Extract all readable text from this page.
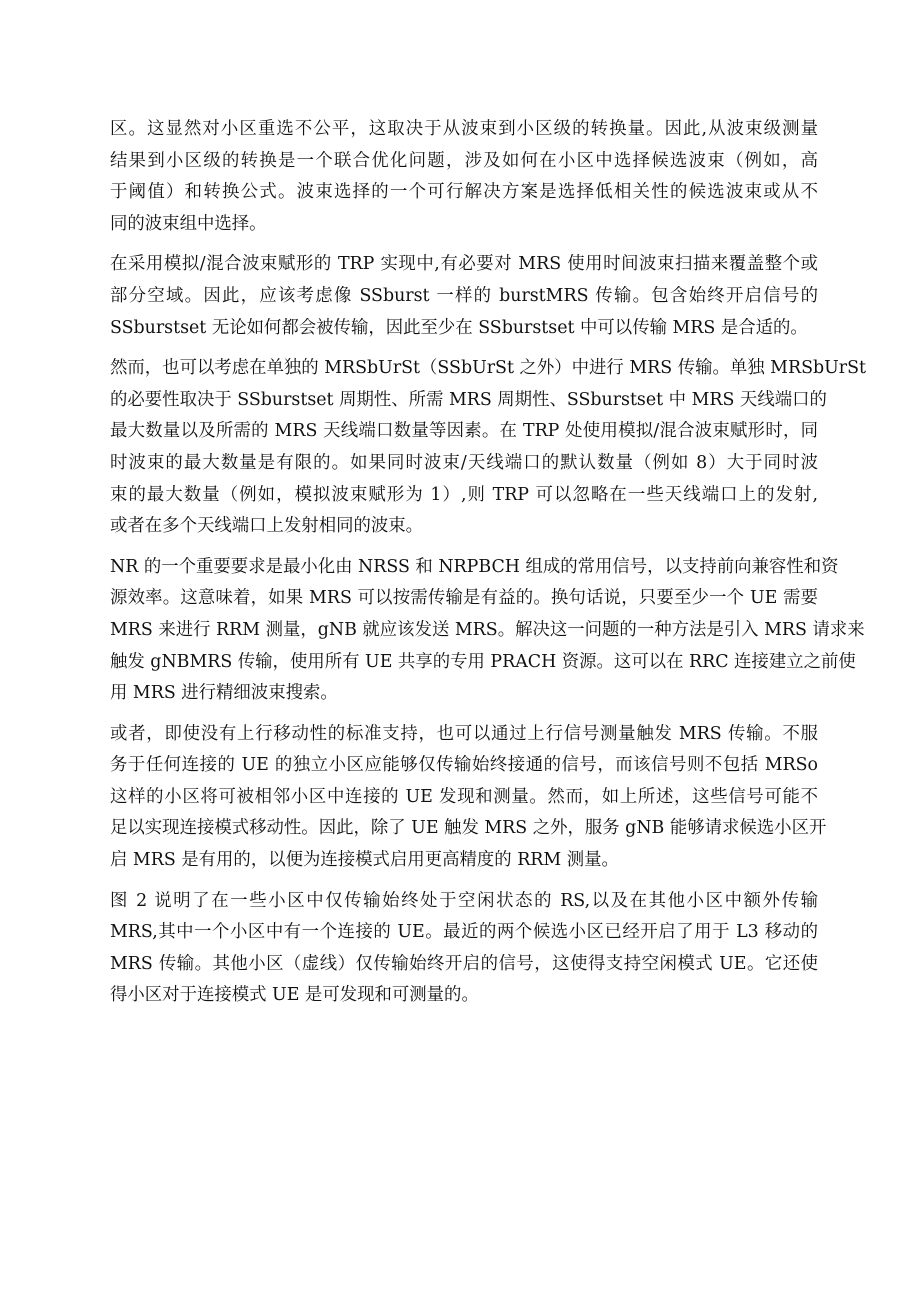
区。这显然对小区重选不公平，这取决于从波束到小区级的转换量。因此,从波束级测量
结果到小区级的转换是一个联合优化问题，涉及如何在小区中选择候选波束（例如，高
于阈值）和转换公式。波束选择的一个可行解决方案是选择低相关性的候选波束或从不
同的波束组中选择。

在采用模拟/混合波束赋形的 TRP 实现中,有必要对 MRS 使用时间波束扫描来覆盖整个或
部分空域。因此，应该考虑像 SSburst 一样的 burstMRS 传输。包含始终开启信号的
SSburstset 无论如何都会被传输，因此至少在 SSburstset 中可以传输 MRS 是合适的。

然而，也可以考虑在单独的 MRSbUrSt（SSbUrSt 之外）中进行 MRS 传输。单独 MRSbUrSt
的必要性取决于 SSburstset 周期性、所需 MRS 周期性、SSburstset 中 MRS 天线端口的
最大数量以及所需的 MRS 天线端口数量等因素。在 TRP 处使用模拟/混合波束赋形时，同
时波束的最大数量是有限的。如果同时波束/天线端口的默认数量（例如 8）大于同时波
束的最大数量（例如，模拟波束赋形为 1）,则 TRP 可以忽略在一些天线端口上的发射,
或者在多个天线端口上发射相同的波束。

NR 的一个重要要求是最小化由 NRSS 和 NRPBCH 组成的常用信号，以支持前向兼容性和资
源效率。这意味着，如果 MRS 可以按需传输是有益的。换句话说，只要至少一个 UE 需要
MRS 来进行 RRM 测量，gNB 就应该发送 MRS。解决这一问题的一种方法是引入 MRS 请求来
触发 gNBMRS 传输，使用所有 UE 共享的专用 PRACH 资源。这可以在 RRC 连接建立之前使
用 MRS 进行精细波束搜索。

或者，即使没有上行移动性的标准支持，也可以通过上行信号测量触发 MRS 传输。不服
务于任何连接的 UE 的独立小区应能够仅传输始终接通的信号，而该信号则不包括 MRSo
这样的小区将可被相邻小区中连接的 UE 发现和测量。然而，如上所述，这些信号可能不
足以实现连接模式移动性。因此，除了 UE 触发 MRS 之外，服务 gNB 能够请求候选小区开
启 MRS 是有用的，以便为连接模式启用更高精度的 RRM 测量。

图 2 说明了在一些小区中仅传输始终处于空闲状态的 RS,以及在其他小区中额外传输
MRS,其中一个小区中有一个连接的 UE。最近的两个候选小区已经开启了用于 L3 移动的
MRS 传输。其他小区（虚线）仅传输始终开启的信号，这使得支持空闲模式 UE。它还使
得小区对于连接模式 UE 是可发现和可测量的。
